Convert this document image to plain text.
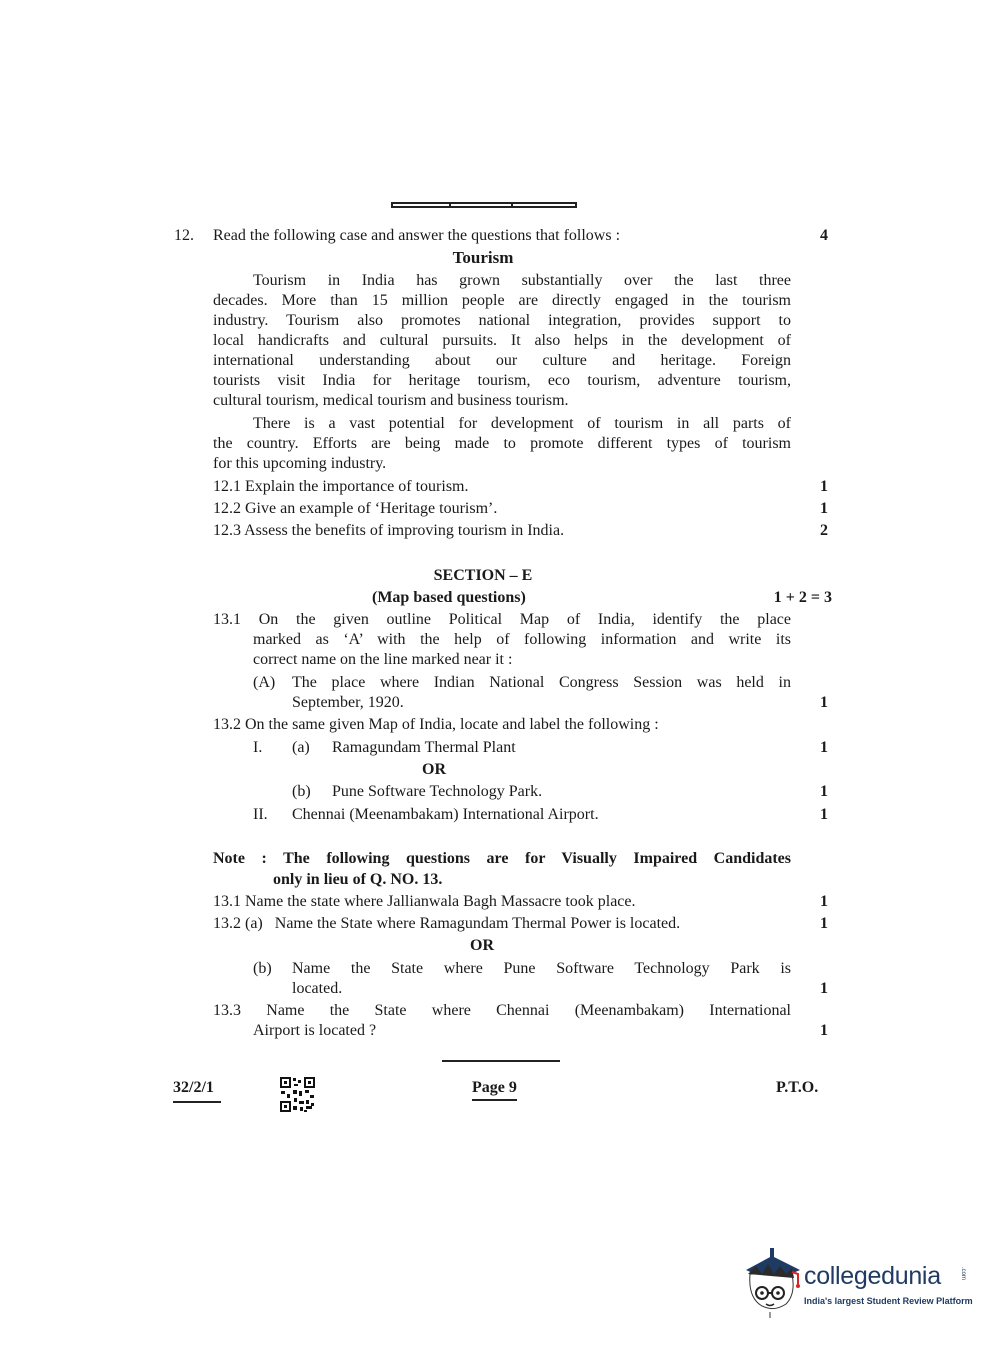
12. Read the following case and answer the questions that follows :	4
Tourism
Tourism in India has grown substantially over the last three
decades. More than 15 million people are directly engaged in the tourism
industry. Tourism also promotes national integration, provides support to
local handicrafts and cultural pursuits. It also helps in the development of
international understanding about our culture and heritage. Foreign
tourists visit India for heritage tourism, eco tourism, adventure tourism,
cultural tourism, medical tourism and business tourism.
There is a vast potential for development of tourism in all parts of
the country. Efforts are being made to promote different types of tourism
for this upcoming industry.
12.1 Explain the importance of tourism.	1
12.2 Give an example of ‘Heritage tourism’.	1
12.3 Assess the benefits of improving tourism in India.	2
SECTION – E
(Map based questions)	1 + 2 = 3
13.1 On the given outline Political Map of India, identify the place
marked as ‘A’ with the help of following information and write its
correct name on the line marked near it :
(A) The place where Indian National Congress Session was held in
September, 1920.	1
13.2 On the same given Map of India, locate and label the following :
I. (a) Ramagundam Thermal Plant	1
OR
(b) Pune Software Technology Park.	1
II. Chennai (Meenambakam) International Airport.	1
Note : The following questions are for Visually Impaired Candidates
only in lieu of Q. NO. 13.
13.1 Name the state where Jallianwala Bagh Massacre took place.	1
13.2 (a)   Name the State where Ramagundam Thermal Power is located.	1
OR
(b) Name the State where Pune Software Technology Park is
located.	1
13.3 Name the State where Chennai (Meenambakam) International
Airport is located ?	1
32/2/1	Page 9	P.T.O.
collegedunia	.com
India's largest Student Review Platform
